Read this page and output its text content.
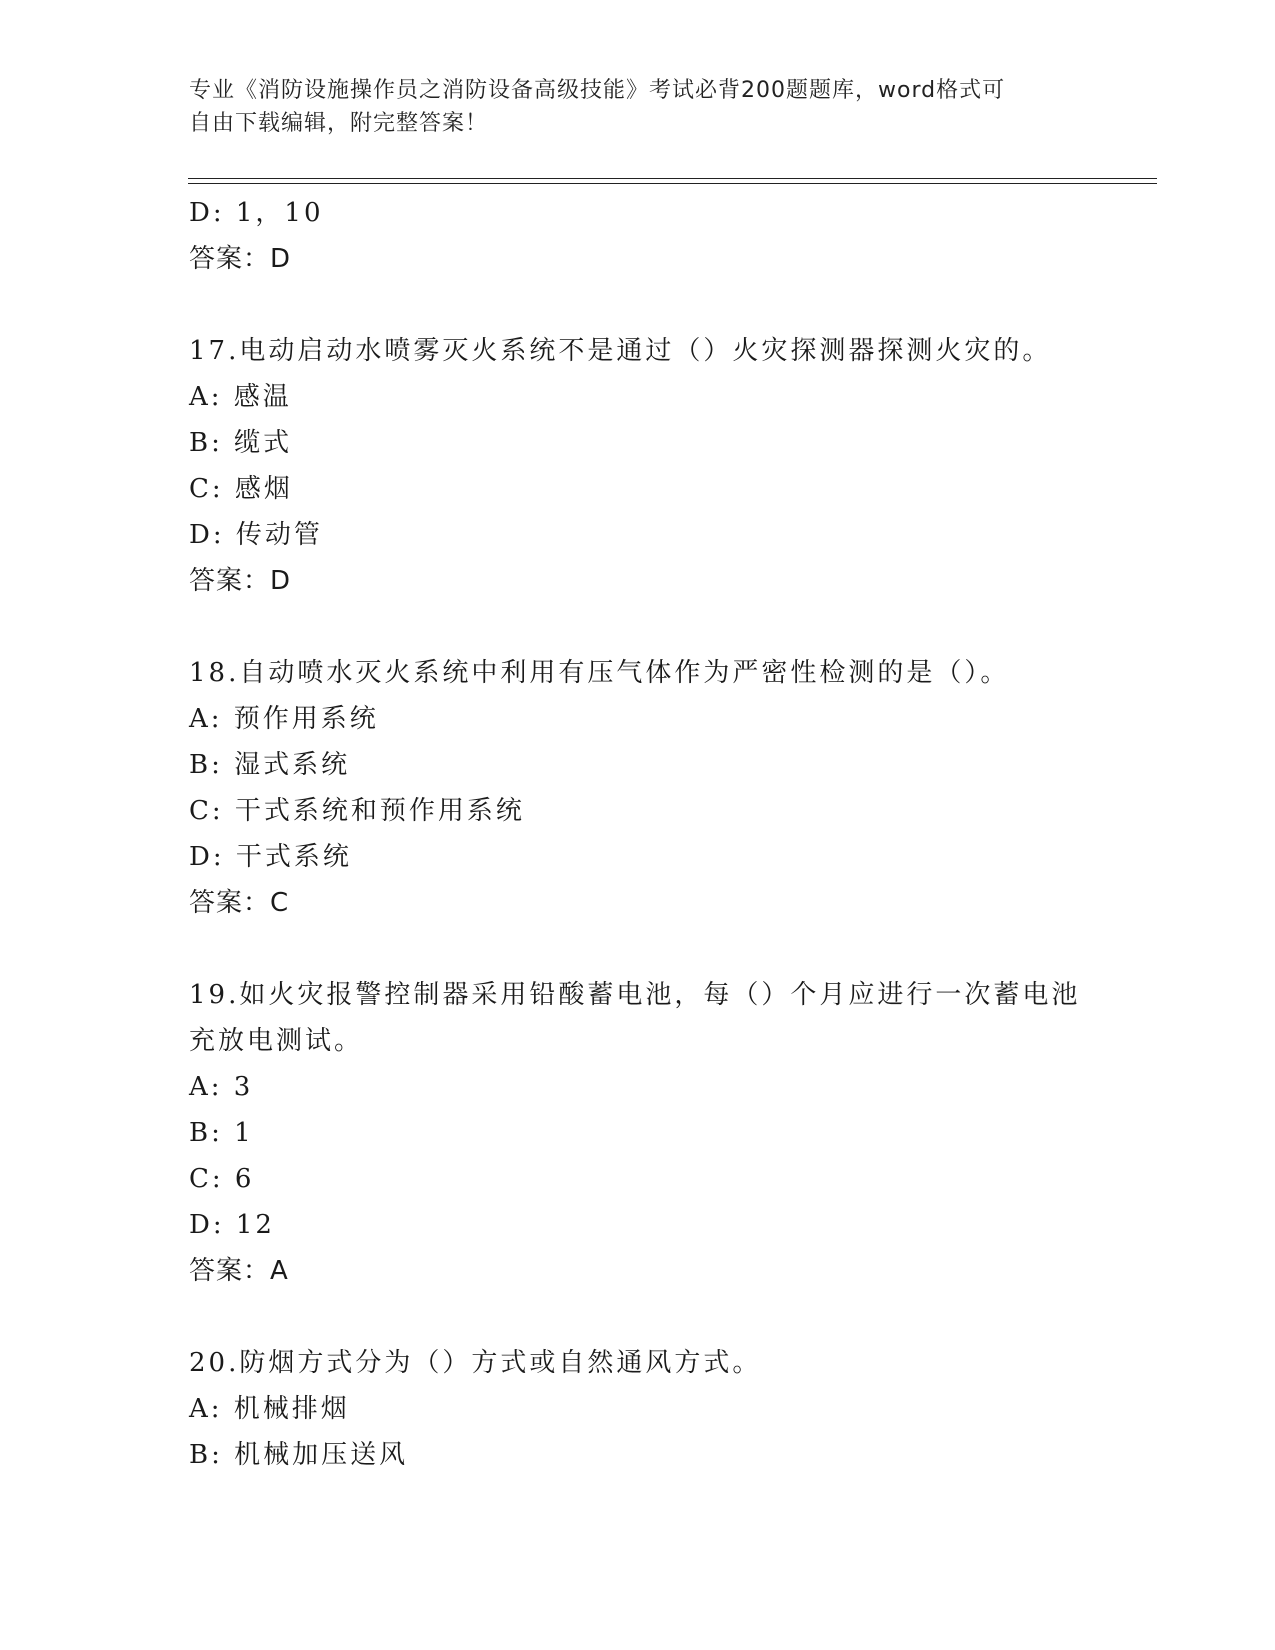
专业《消防设施操作员之消防设备高级技能》考试必背200题题库，word格式可
自由下载编辑，附完整答案！
D: 1，10
答案：D
17.电动启动水喷雾灭火系统不是通过（）火灾探测器探测火灾的。
A: 感温
B: 缆式
C: 感烟
D: 传动管
答案：D
18.自动喷水灭火系统中利用有压气体作为严密性检测的是（）。
A: 预作用系统
B: 湿式系统
C: 干式系统和预作用系统
D: 干式系统
答案：C
19.如火灾报警控制器采用铅酸蓄电池，每（）个月应进行一次蓄电池
充放电测试。
A: 3
B: 1
C: 6
D: 12
答案：A
20.防烟方式分为（）方式或自然通风方式。
A: 机械排烟
B: 机械加压送风
